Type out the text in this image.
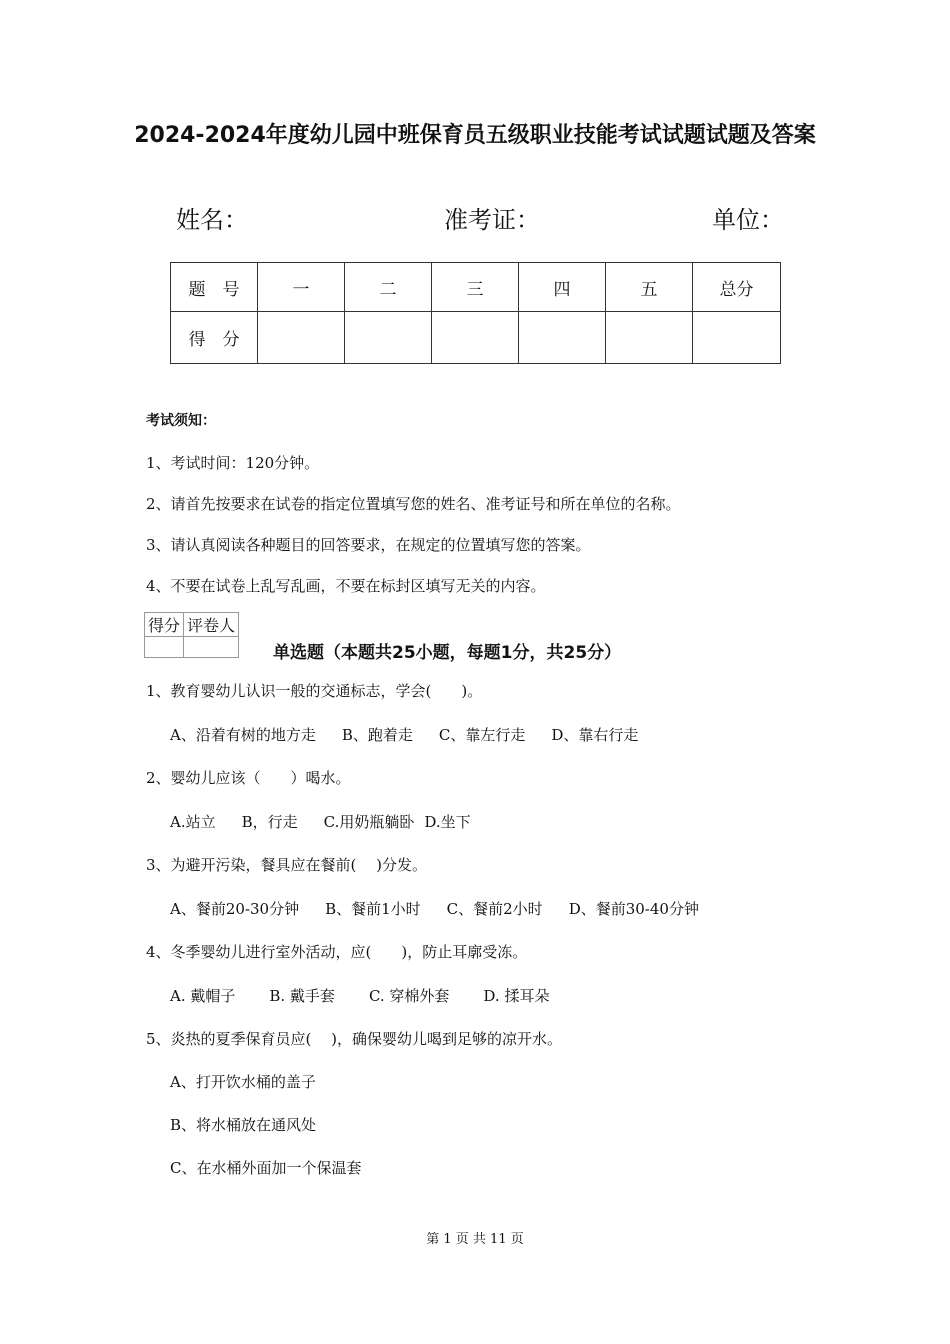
2024-2024年度幼儿园中班保育员五级职业技能考试试题试题及答案
姓名：	准考证：	单位：
题　号	一	二	三	四	五	总分
得　分						
考试须知：
1、考试时间：120分钟。
2、请首先按要求在试卷的指定位置填写您的姓名、准考证号和所在单位的名称。
3、请认真阅读各种题目的回答要求，在规定的位置填写您的答案。
4、不要在试卷上乱写乱画，不要在标封区填写无关的内容。
得分	评卷人

单选题（本题共25小题，每题1分，共25分）
1、教育婴幼儿认识一般的交通标志，学会(　　)。
A、沿着有树的地方走 B、跑着走 C、靠左行走 D、靠右行走
2、婴幼儿应该（　　）喝水。
A.站立 B，行走 C.用奶瓶躺卧 D.坐下
3、为避开污染，餐具应在餐前(　 )分发。
A、餐前20-30分钟 B、餐前1小时 C、餐前2小时 D、餐前30-40分钟
4、冬季婴幼儿进行室外活动，应(　　)，防止耳廓受冻。
A. 戴帽子 B. 戴手套 C. 穿棉外套 D. 揉耳朵
5、炎热的夏季保育员应(　 )，确保婴幼儿喝到足够的凉开水。
A、打开饮水桶的盖子
B、将水桶放在通风处
C、在水桶外面加一个保温套
第 1 页 共 11 页
